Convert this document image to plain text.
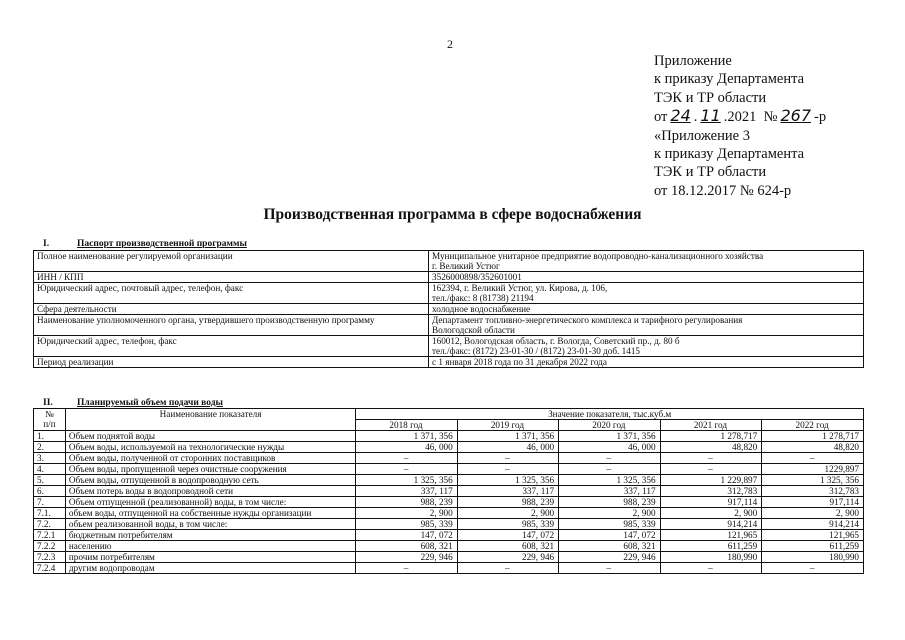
2
Приложение
к приказу Департамента
ТЭК и ТР области
от 24 . 11 .2021 № 267 -р
«Приложение 3
к приказу Департамента
ТЭК и ТР области
от 18.12.2017 № 624-р
Производственная программа в сфере водоснабжения
I.	Паспорт производственной программы
Полное наименование регулируемой организации	Муниципальное унитарное предприятие водопроводно-канализационного хозяйства
г. Великий Устюг

ИНН / КПП	3526000898/352601001

Юридический адрес, почтовый адрес, телефон, факс	162394, г. Великий Устюг, ул. Кирова, д. 106,
тел./факс: 8 (81738) 21194

Сфера деятельности	холодное водоснабжение

Наименование уполномоченного органа, утвердившего производственную программу	Департамент топливно-энергетического комплекса и тарифного регулирования
Вологодской области

Юридический адрес, телефон, факс	160012, Вологодская область, г. Вологда, Советский пр., д. 80 б
тел./факс: (8172) 23-01-30 / (8172) 23-01-30 доб. 1415

Период реализации	с 1 января 2018 года по 31 декабря 2022 года
II.	Планируемый объем подачи воды
№
п/п	Наименование показателя	Значение показателя, тыс.куб.м				
		2018 год	2019 год	2020 год	2021 год	2022 год
1.	Объем поднятой воды	1 371, 356	1 371, 356	1 371, 356	1 278,717	1 278,717
2.	Объем воды, используемой на технологические нужды	46, 000	46, 000	46, 000	48,820	48,820
3.	Объем воды, полученной от сторонних поставщиков	–	–	–	–	–
4.	Объем воды, пропущенной через очистные сооружения	–	–	–	–	1229,897
5.	Объем воды, отпущенной в водопроводную сеть	1 325, 356	1 325, 356	1 325, 356	1 229,897	1 325, 356
6.	Объем потерь воды в водопроводной сети	337, 117	337, 117	337, 117	312,783	312,783
7.	Объем отпущенной (реализованной) воды, в том числе:	988, 239	988, 239	988, 239	917,114	917,114
7.1.	объем воды, отпущенной на собственные нужды организации	2, 900	2, 900	2, 900	2, 900	2, 900
7.2.	объем реализованной воды, в том числе:	985, 339	985, 339	985, 339	914,214	914,214
7.2.1	бюджетным потребителям	147, 072	147, 072	147, 072	121,965	121,965
7.2.2	населению	608, 321	608, 321	608, 321	611,259	611,259
7.2.3	прочим потребителям	229, 946	229, 946	229, 946	180,990	180,990
7.2.4	другим водопроводам	–	–	–	–	–
